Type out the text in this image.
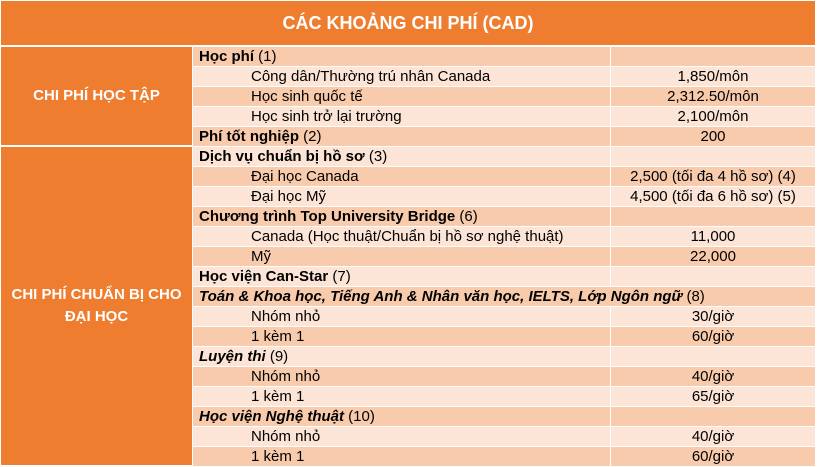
CÁC KHOẢNG CHI PHÍ (CAD)
CHI PHÍ HỌC TẬP
CHI PHÍ CHUẨN BỊ CHO ĐẠI HỌC
Học phí (1)
Công dân/Thường trú nhân Canada	1,850/môn
Học sinh quốc tế	2,312.50/môn
Học sinh trở lại trường	2,100/môn
Phí tốt nghiệp (2)	200
Dịch vụ chuẩn bị hồ sơ (3)
Đại học Canada	2,500 (tối đa 4 hồ sơ) (4)
Đại học Mỹ	4,500 (tối đa 6 hồ sơ) (5)
Chương trình Top University Bridge (6)
Canada (Học thuật/Chuẩn bị hồ sơ nghệ thuật)	11,000
Mỹ	22,000
Học viện Can-Star (7)
Toán & Khoa học, Tiếng Anh & Nhân văn học, IELTS, Lớp Ngôn ngữ (8)
Nhóm nhỏ	30/giờ
1 kèm 1	60/giờ
Luyện thi (9)
Nhóm nhỏ	40/giờ
1 kèm 1	65/giờ
Học viện Nghệ thuật (10)
Nhóm nhỏ	40/giờ
1 kèm 1	60/giờ
